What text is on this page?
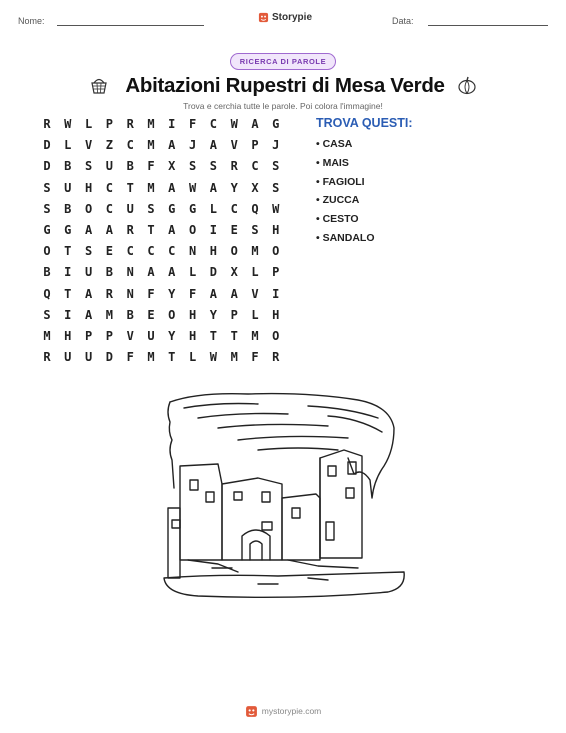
Nome:	Storypie	Data:
RICERCA DI PAROLE
Abitazioni Rupestri di Mesa Verde
Trova e cerchia tutte le parole. Poi colora l'immagine!
R	W	L	P	R	M	I	F	C	W	A	G
D	L	V	Z	C	M	A	J	A	V	P	J
D	B	S	U	B	F	X	S	S	R	C	S
S	U	H	C	T	M	A	W	A	Y	X	S
S	B	O	C	U	S	G	G	L	C	Q	W
G	G	A	A	R	T	A	O	I	E	S	H
O	T	S	E	C	C	C	N	H	O	M	O
B	I	U	B	N	A	A	L	D	X	L	P
Q	T	A	R	N	F	Y	F	A	A	V	I
S	I	A	M	B	E	O	H	Y	P	L	H
M	H	P	P	V	U	Y	H	T	T	M	O
R	U	U	D	F	M	T	L	W	M	F	R
TROVA QUESTI:
• CASA
• MAIS
• FAGIOLI
• ZUCCA
• CESTO
• SANDALO
mystorypie.com
